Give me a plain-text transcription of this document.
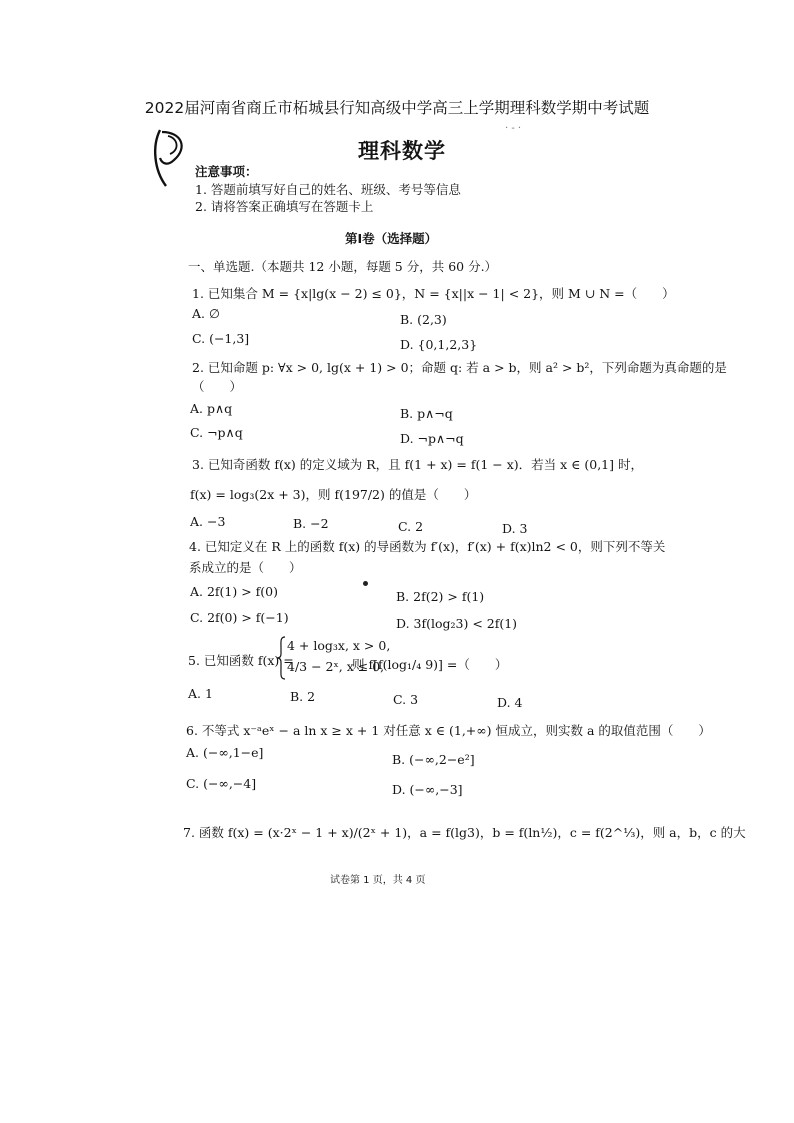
2022届河南省商丘市柘城县行知高级中学高三上学期理科数学期中考试题
· - ·
理科数学
注意事项：
1. 答题前填写好自己的姓名、班级、考号等信息
2. 请将答案正确填写在答题卡上
第Ⅰ卷（选择题）
一、单选题.（本题共 12 小题，每题 5 分，共 60 分.）
1. 已知集合 M = {x|lg(x − 2) ≤ 0}，N = {x||x − 1| < 2}，则 M ∪ N =（　　）
A. ∅	B. (2,3)
C. (−1,3]	D. {0,1,2,3}
2. 已知命题 p: ∀x > 0, lg(x + 1) > 0；命题 q: 若 a > b，则 a² > b²，下列命题为真命题的是
（　　）
A. p∧q	B. p∧¬q
C. ¬p∧q	D. ¬p∧¬q
3. 已知奇函数 f(x) 的定义域为 R，且 f(1 + x) = f(1 − x)．若当 x ∈ (0,1] 时，
f(x) = log₃(2x + 3)，则 f(197/2) 的值是（　　）
A. −3	B. −2	C. 2	D. 3
4. 已知定义在 R 上的函数 f(x) 的导函数为 f′(x)，f′(x) + f(x)ln2 < 0，则下列不等关
系成立的是（　　）
A. 2f(1) > f(0)	B. 2f(2) > f(1)
C. 2f(0) > f(−1)	D. 3f(log₂3) < 2f(1)
5. 已知函数 f(x) =
4 + log₃x, x > 0,
4/3 − 2ˣ, x ≤ 0,
则 f[f(log₁/₄ 9)] =（　　）
A. 1	B. 2	C. 3	D. 4
6. 不等式 x⁻ᵃeˣ − a ln x ≥ x + 1 对任意 x ∈ (1,+∞) 恒成立，则实数 a 的取值范围（　　）
A. (−∞,1−e]	B. (−∞,2−e²]
C. (−∞,−4]	D. (−∞,−3]
7. 函数 f(x) = (x·2ˣ − 1 + x)/(2ˣ + 1)，a = f(lg3)，b = f(ln½)，c = f(2^⅓)，则 a，b，c 的大
试卷第 1 页，共 4 页
